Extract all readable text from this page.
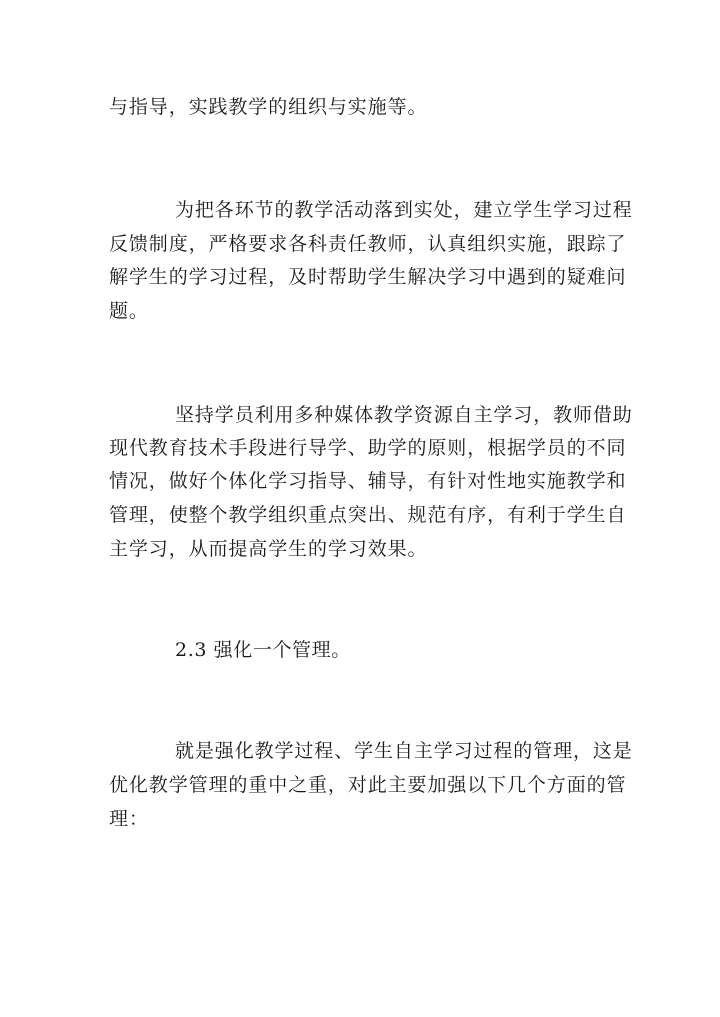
与指导，实践教学的组织与实施等。
为把各环节的教学活动落到实处，建立学生学习过程
反馈制度，严格要求各科责任教师，认真组织实施，跟踪了
解学生的学习过程，及时帮助学生解决学习中遇到的疑难问
题。
坚持学员利用多种媒体教学资源自主学习，教师借助
现代教育技术手段进行导学、助学的原则，根据学员的不同
情况，做好个体化学习指导、辅导，有针对性地实施教学和
管理，使整个教学组织重点突出、规范有序，有利于学生自
主学习，从而提高学生的学习效果。
2.3 强化一个管理。
就是强化教学过程、学生自主学习过程的管理，这是
优化教学管理的重中之重，对此主要加强以下几个方面的管
理：
